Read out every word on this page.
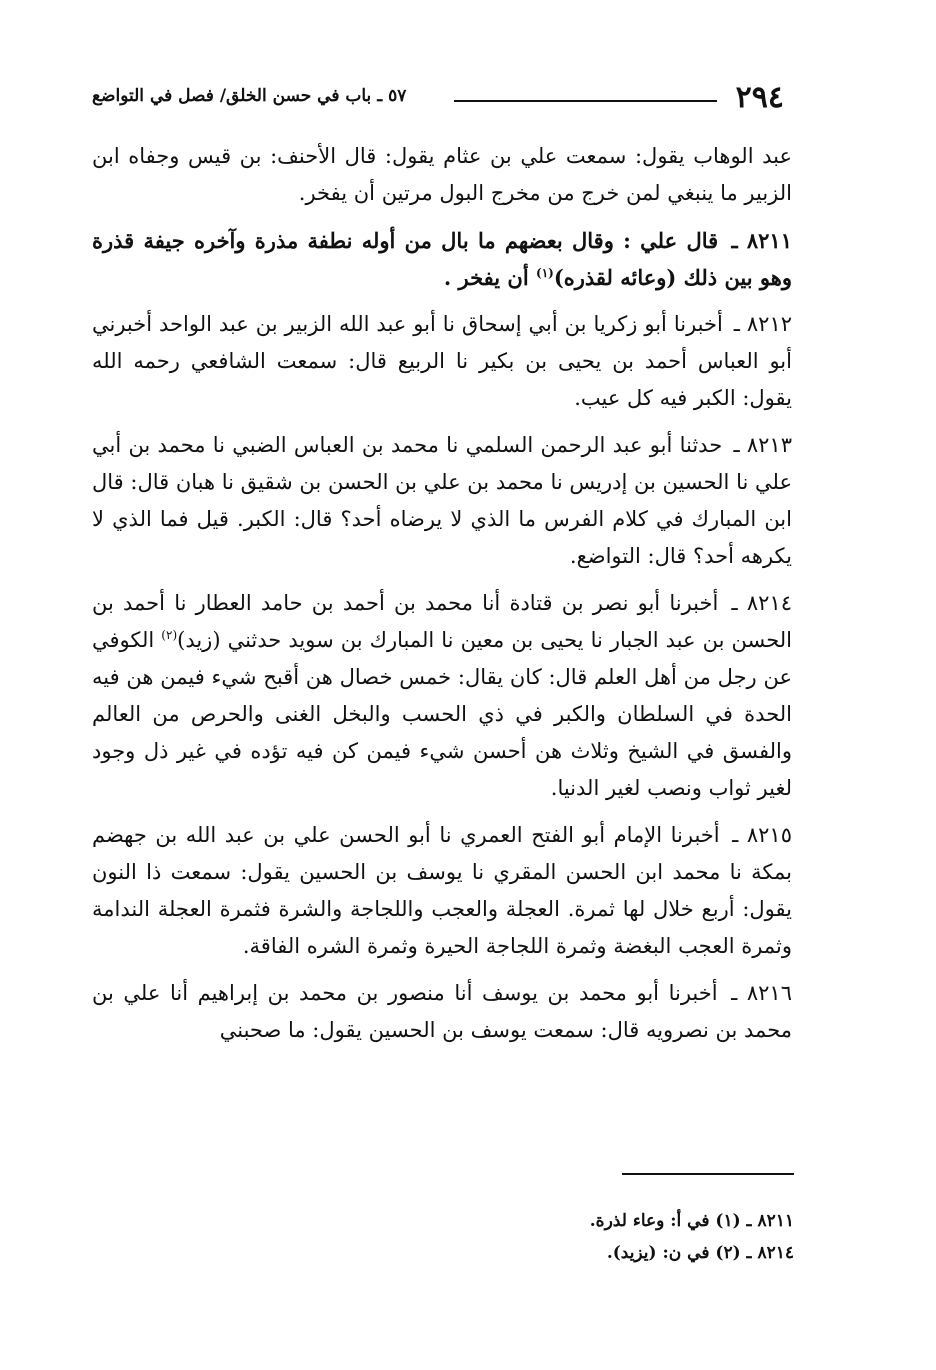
٢٩٤
٥٧ ـ باب في حسن الخلق/ فصل في التواضع

عبد الوهاب يقول: سمعت علي بن عثام يقول: قال الأحنف: بن قيس وجفاه ابن الزبير ما ينبغي لمن خرج من مخرج البول مرتين أن يفخر.

٨٢١١ ـ قال علي : وقال بعضهم ما بال من أوله نطفة مذرة وآخره جيفة قذرة وهو بين ذلك (وعائه لقذره)$^{(١)}$ أن يفخر .

٨٢١٢ ـ أخبرنا أبو زكريا بن أبي إسحاق نا أبو عبد الله الزبير بن عبد الواحد أخبرني أبو العباس أحمد بن يحيى بن بكير نا الربيع قال: سمعت الشافعي رحمه الله يقول: الكبر فيه كل عيب.

٨٢١٣ ـ حدثنا أبو عبد الرحمن السلمي نا محمد بن العباس الضبي نا محمد بن أبي علي نا الحسين بن إدريس نا محمد بن علي بن الحسن بن شقيق نا هبان قال: قال ابن المبارك في كلام الفرس ما الذي لا يرضاه أحد؟ قال: الكبر. قيل فما الذي لا يكرهه أحد؟ قال: التواضع.

٨٢١٤ ـ أخبرنا أبو نصر بن قتادة أنا محمد بن أحمد بن حامد العطار نا أحمد بن الحسن بن عبد الجبار نا يحيى بن معين نا المبارك بن سويد حدثني (زيد)$^{(٢)}$ الكوفي عن رجل من أهل العلم قال: كان يقال: خمس خصال هن أقبح شيء فيمن هن فيه الحدة في السلطان والكبر في ذي الحسب والبخل الغنى والحرص من العالم والفسق في الشيخ وثلاث هن أحسن شيء فيمن كن فيه تؤده في غير ذل وجود لغير ثواب ونصب لغير الدنيا.

٨٢١٥ ـ أخبرنا الإمام أبو الفتح العمري نا أبو الحسن علي بن عبد الله بن جهضم بمكة نا محمد ابن الحسن المقري نا يوسف بن الحسين يقول: سمعت ذا النون يقول: أربع خلال لها ثمرة. العجلة والعجب واللجاجة والشرة فثمرة العجلة الندامة وثمرة العجب البغضة وثمرة اللجاجة الحيرة وثمرة الشره الفاقة.

٨٢١٦ ـ أخبرنا أبو محمد بن يوسف أنا منصور بن محمد بن إبراهيم أنا علي بن محمد بن نصرويه قال: سمعت يوسف بن الحسين يقول: ما صحبني

٨٢١١ ـ (١) في أ: وعاء لذرة.

٨٢١٤ ـ (٢) في ن: (يزيد).
